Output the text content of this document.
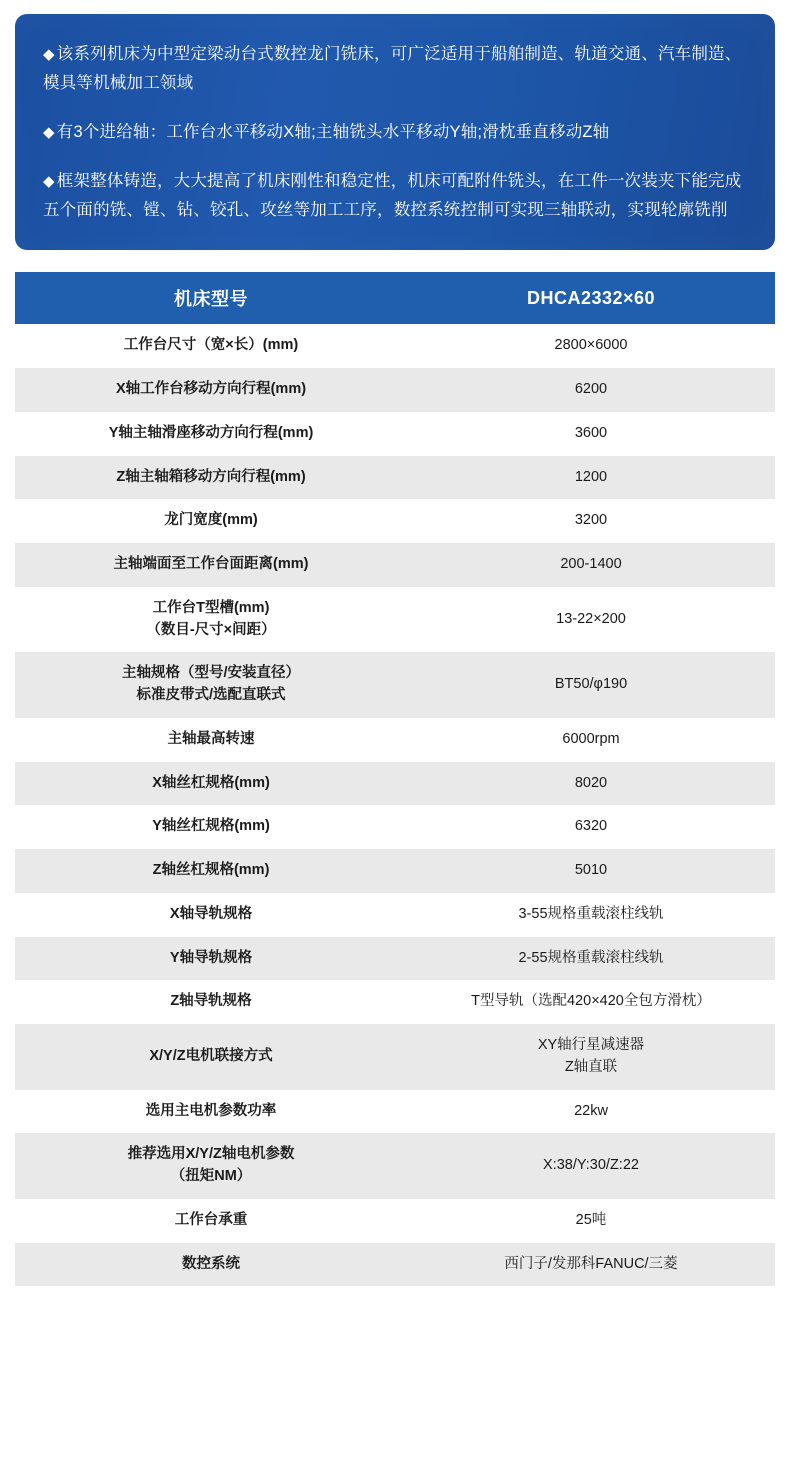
◆ 该系列机床为中型定梁动台式数控龙门铣床，可广泛适用于船舶制造、轨道交通、汽车制造、模具等机械加工领域

◆ 有3个进给轴：工作台水平移动X轴;主轴铣头水平移动Y轴;滑枕垂直移动Z轴

◆ 框架整体铸造，大大提高了机床刚性和稳定性，机床可配附件铣头，在工件一次装夹下能完成五个面的铣、镗、钻、铰孔、攻丝等加工工序，数控系统控制可实现三轴联动，实现轮廓铣削

机床型号	DHCA2332×60
工作台尺寸（宽×长）(mm)	2800×6000
X轴工作台移动方向行程(mm)	6200
Y轴主轴滑座移动方向行程(mm)	3600
Z轴主轴箱移动方向行程(mm)	1200
龙门宽度(mm)	3200
主轴端面至工作台面距离(mm)	200-1400
工作台T型槽(mm)
（数目-尺寸×间距）	13-22×200
主轴规格（型号/安装直径）
标准皮带式/选配直联式	BT50/φ190
主轴最高转速	6000rpm
X轴丝杠规格(mm)	8020
Y轴丝杠规格(mm)	6320
Z轴丝杠规格(mm)	5010
X轴导轨规格	3-55规格重载滚柱线轨
Y轴导轨规格	2-55规格重载滚柱线轨
Z轴导轨规格	T型导轨（选配420×420全包方滑枕）
X/Y/Z电机联接方式	XY轴行星减速器
Z轴直联

选用主电机参数功率	22kw
推荐选用X/Y/Z轴电机参数
（扭矩NM）	X:38/Y:30/Z:22
工作台承重	25吨
数控系统	西门子/发那科FANUC/三菱
